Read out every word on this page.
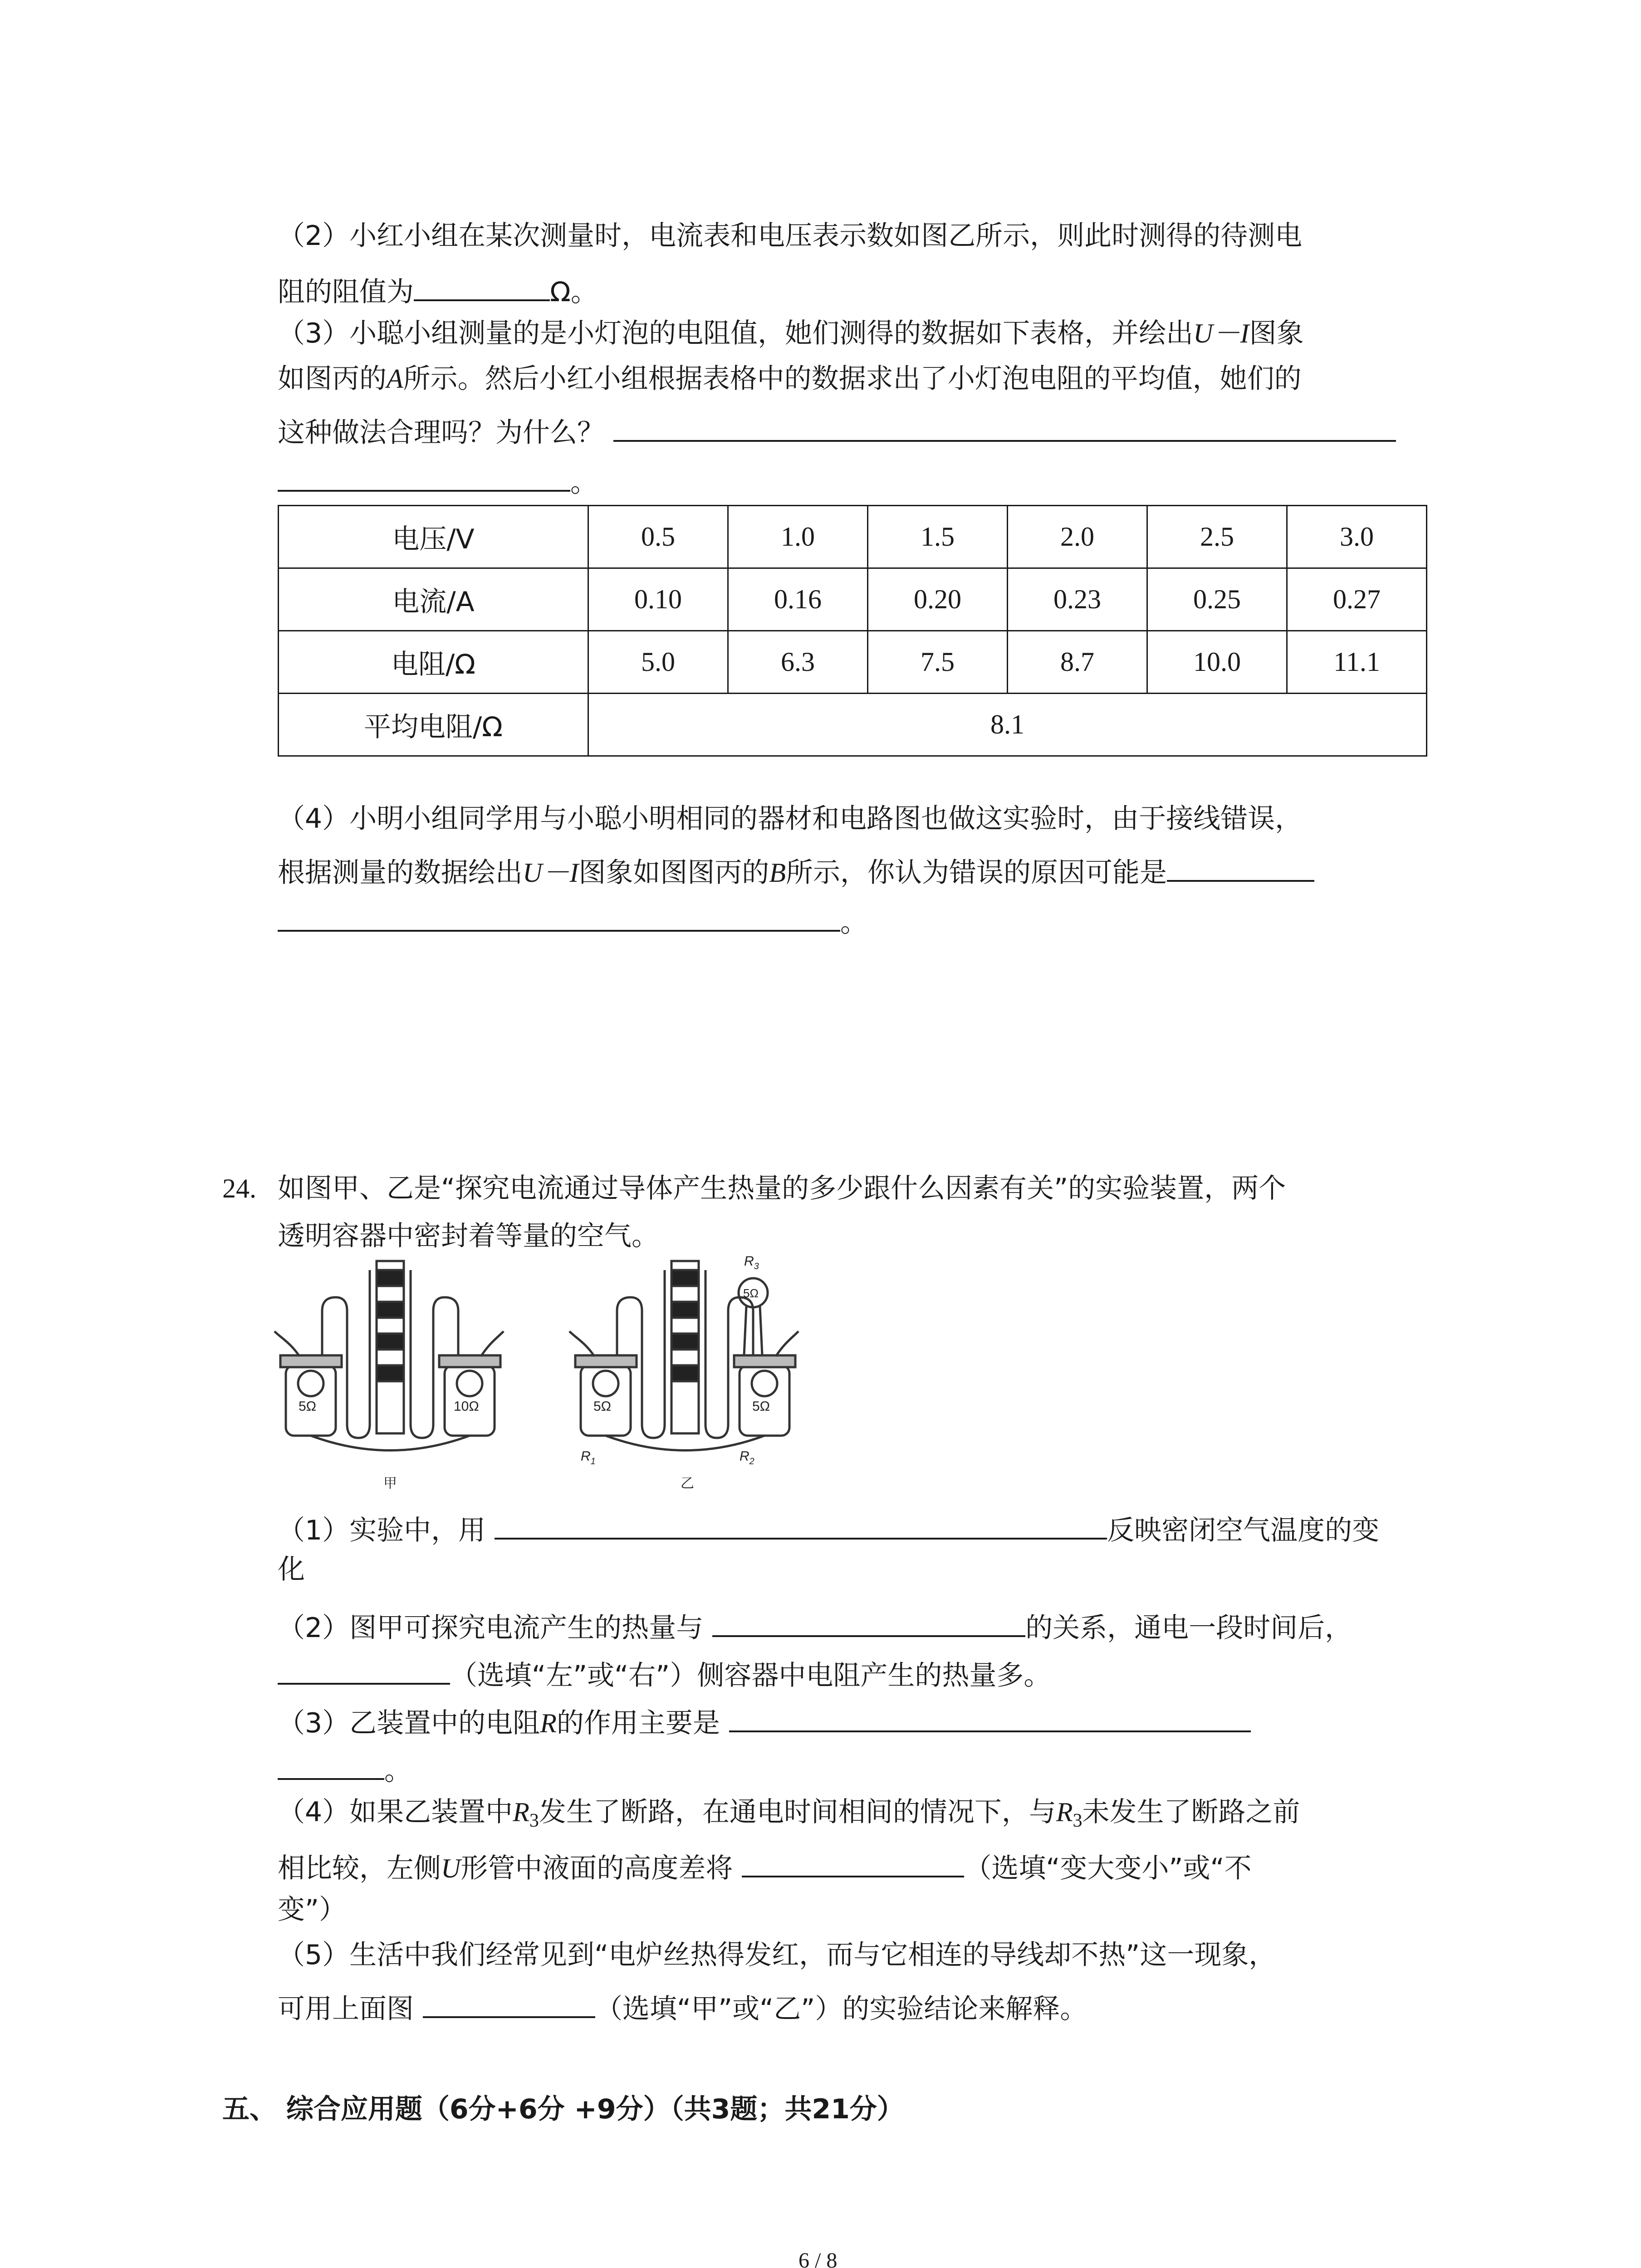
（2）小红小组在某次测量时，电流表和电压表示数如图乙所示，则此时测得的待测电
阻的阻值为	Ω。
（3）小聪小组测量的是小灯泡的电阻值，她们测得的数据如下表格，并绘出U－I图象
如图丙的A所示。然后小红小组根据表格中的数据求出了小灯泡电阻的平均值，她们的
这种做法合理吗？为什么？
。
电压/V	0.5	1.0	1.5	2.0	2.5	3.0
电流/A	0.10	0.16	0.20	0.23	0.25	0.27
电阻/Ω	5.0	6.3	7.5	8.7	10.0	11.1
平均电阻/Ω	8.1					
（4）小明小组同学用与小聪小明相同的器材和电路图也做这实验时，由于接线错误，
根据测量的数据绘出U－I图象如图图丙的B所示，你认为错误的原因可能是
。
24. 如图甲、乙是“探究电流通过导体产生热量的多少跟什么因素有关”的实验装置，两个
透明容器中密封着等量的空气。
5Ω	10Ω
甲
5Ω	5Ω
5Ω
$R_3$
$R_1$	$R_2$
乙
（1）实验中，用	反映密闭空气温度的变
化
（2）图甲可探究电流产生的热量与	的关系，通电一段时间后，
（选填“左”或“右”）侧容器中电阻产生的热量多。
（3）乙装置中的电阻R的作用主要是
。
（4）如果乙装置中$R_3$发生了断路，在通电时间相间的情况下，与$R_3$未发生了断路之前
相比较，左侧U形管中液面的高度差将	（选填“变大变小”或“不
变”）
（5）生活中我们经常见到“电炉丝热得发红，而与它相连的导线却不热”这一现象，
可用上面图	（选填“甲”或“乙”）的实验结论来解释。
五、 综合应用题（6分+6分 +9分）（共3题；共21分）
6 / 8
